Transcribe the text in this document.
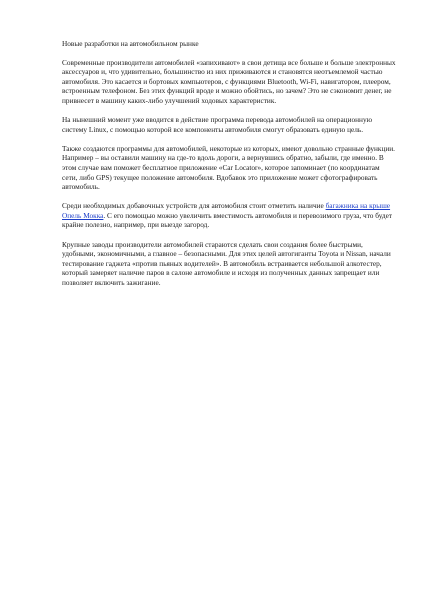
Новые разработки на автомобильном рынке

Современные производители автомобилей «запихивают» в свои детища все больше и больше электронных аксессуаров и, что удивительно, большинство из них приживаются и становятся неотъемлемой частью автомобиля. Это касается и бортовых компьютеров, с функциями Bluetooth, Wi-Fi, навигатором, плеером, встроенным телефоном. Без этих функций вроде и можно обойтись, но зачем? Это не сэкономит денег, не привнесет в машину каких-либо улучшений ходовых характеристик.

На нынешний момент уже вводится в действие программа перевода автомобилей на операционную систему Linux, с помощью которой все компоненты автомобиля смогут образовать единую цель.

Также создаются программы для автомобилей, некоторые из которых, имеют довольно странные функции. Например – вы оставили машину на где-то вдоль дороги, а вернувшись обратно, забыли, где именно. В этом случае вам поможет бесплатное приложение «Car Locator», которое запоминает (по координатам сети, либо GPS) текущее положение автомобиля. Вдобавок это приложение может сфотографировать автомобиль.

Среди необходимых добавочных устройств для автомобиля стоит отметить наличие багажника на крыше Опель Мокка. С его помощью можно увеличить вместимость автомобиля и перевозимого груза, что будет крайне полезно, например, при выезде загород.

Крупные заводы производители автомобилей стараются сделать свои создания более быстрыми, удобными, экономичными, а главное – безопасными. Для этих целей автогиганты Toyota и Nissan, начали тестирование гаджета «против пьяных водителей». В автомобиль встраивается небольшой алкотестер, который замеряет наличие паров в салоне автомобиле и исходя из полученных данных запрещает или позволяет включить зажигание.
